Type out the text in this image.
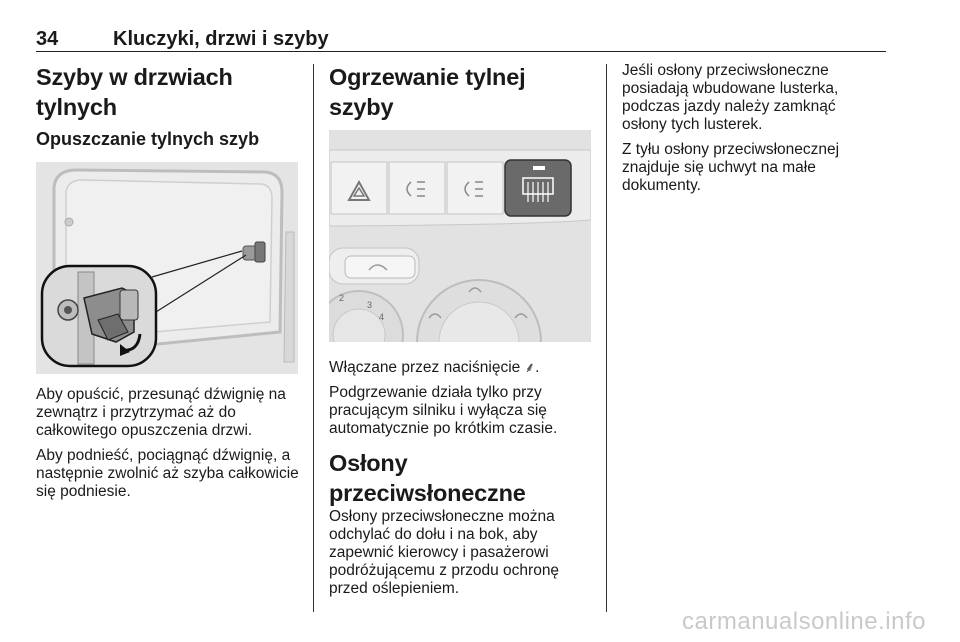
34	Kluczyki, drzwi i szyby
Szyby w drzwiach tylnych
Opuszczanie tylnych szyb

Aby opuścić, przesunąć dźwignię na zewnątrz i przytrzymać aż do całkowitego opuszczenia drzwi.

Aby podnieść, pociągnąć dźwignię, a następnie zwolnić aż szyba całkowicie się podniesie.

Ogrzewanie tylnej szyby
2
3
4

Włączane przez naciśnięcie ⸙.

Podgrzewanie działa tylko przy pracującym silniku i wyłącza się automatycznie po krótkim czasie.

Osłony przeciwsłoneczne

Osłony przeciwsłoneczne można odchylać do dołu i na bok, aby zapewnić kierowcy i pasażerowi podróżującemu z przodu ochronę przed oślepieniem.

Jeśli osłony przeciwsłoneczne posiadają wbudowane lusterka, podczas jazdy należy zamknąć osłony tych lusterek.

Z tyłu osłony przeciwsłonecznej znajduje się uchwyt na małe dokumenty.

carmanualsonline.info
